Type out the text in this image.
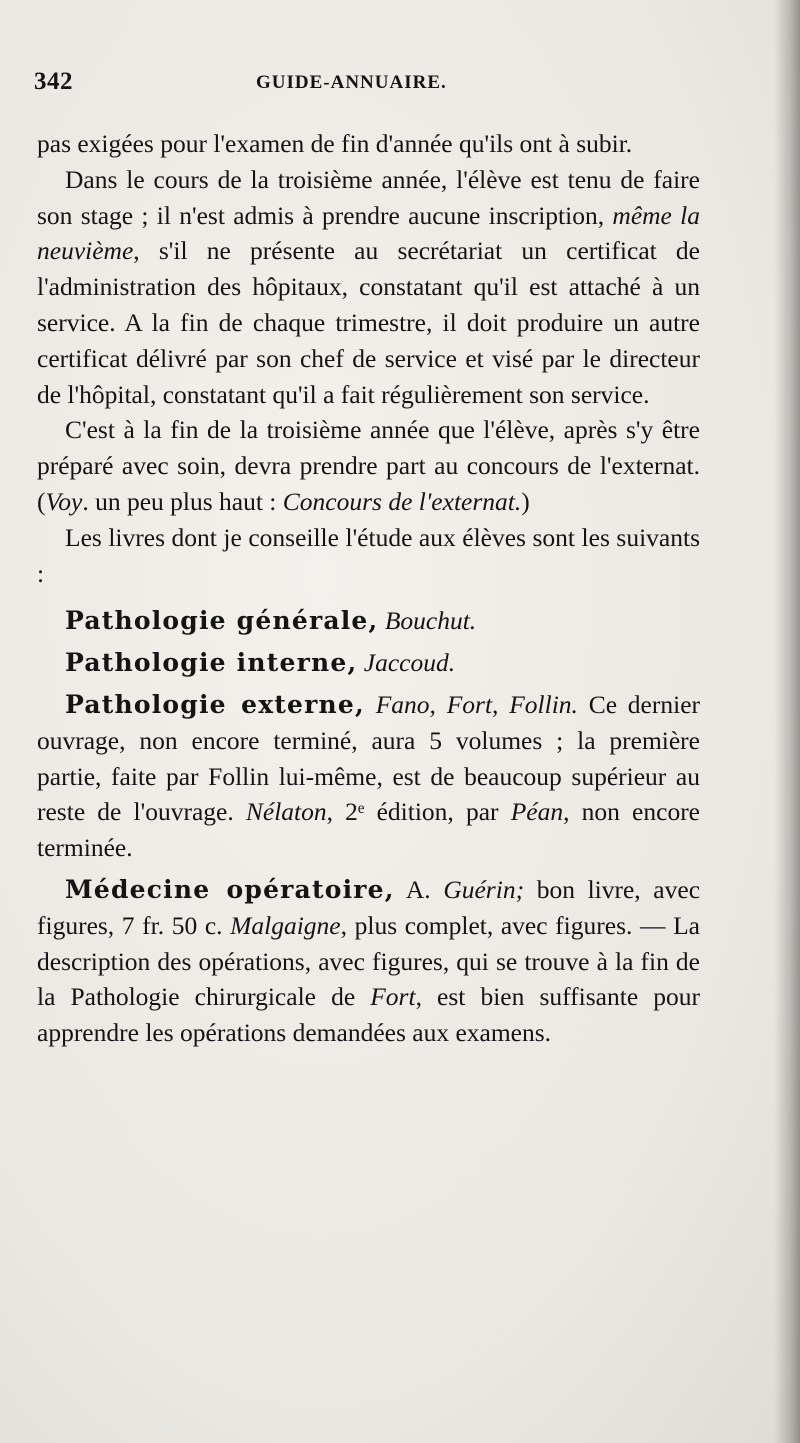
342	GUIDE-ANNUAIRE.

pas exigées pour l'examen de fin d'année qu'ils ont à subir.

Dans le cours de la troisième année, l'élève est tenu de faire son stage ; il n'est admis à prendre aucune inscription, même la neuvième, s'il ne présente au secrétariat un certificat de l'administration des hôpitaux, constatant qu'il est attaché à un service. A la fin de chaque trimestre, il doit produire un autre certificat délivré par son chef de service et visé par le directeur de l'hôpital, constatant qu'il a fait régulièrement son service.

C'est à la fin de la troisième année que l'élève, après s'y être préparé avec soin, devra prendre part au concours de l'externat. (Voy. un peu plus haut : Concours de l'externat.)

Les livres dont je conseille l'étude aux élèves sont les suivants :

Pathologie générale, Bouchut.

Pathologie interne, Jaccoud.

Pathologie externe, Fano, Fort, Follin. Ce dernier ouvrage, non encore terminé, aura 5 volumes ; la première partie, faite par Follin lui-même, est de beaucoup supérieur au reste de l'ouvrage. Nélaton, 2ᵉ édition, par Péan, non encore terminée.

Médecine opératoire, A. Guérin; bon livre, avec figures, 7 fr. 50 c. Malgaigne, plus complet, avec figures. — La description des opérations, avec figures, qui se trouve à la fin de la Pathologie chirurgicale de Fort, est bien suffisante pour apprendre les opérations demandées aux examens.
